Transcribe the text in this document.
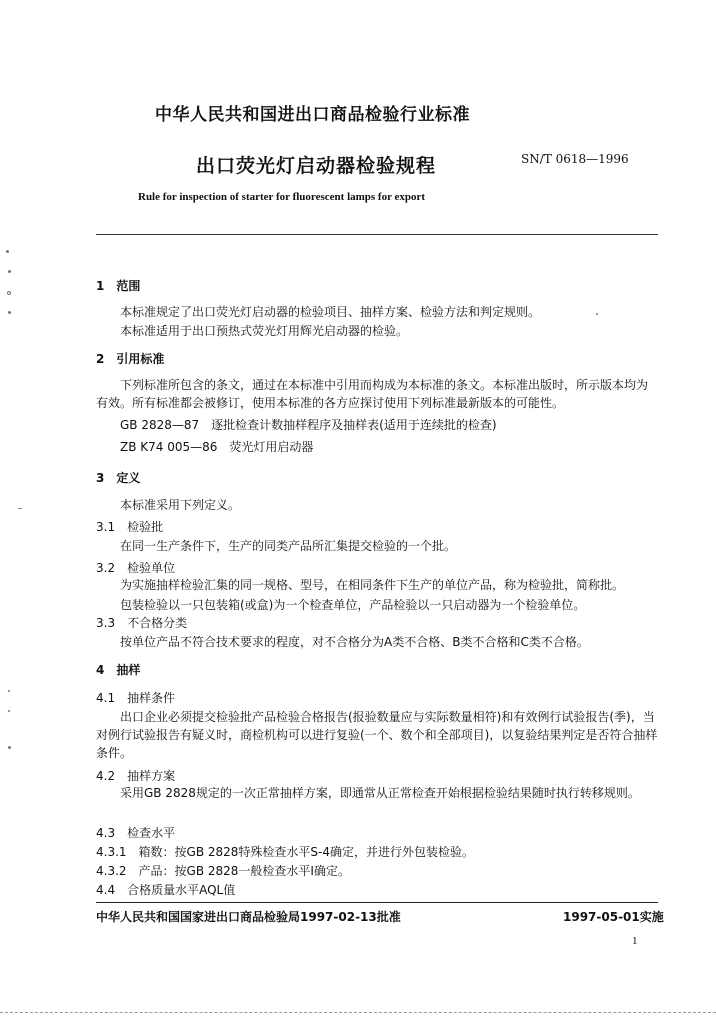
中华人民共和国进出口商品检验行业标准
出口荧光灯启动器检验规程	SN/T 0618—1996
Rule for inspection of starter for fluorescent lamps for export
1　范围
本标准规定了出口荧光灯启动器的检验项目、抽样方案、检验方法和判定规则。
本标准适用于出口预热式荧光灯用辉光启动器的检验。
2　引用标准
下列标准所包含的条文，通过在本标准中引用而构成为本标准的条文。本标准出版时，所示版本均为有效。所有标准都会被修订，使用本标准的各方应探讨使用下列标准最新版本的可能性。
GB 2828—87　逐批检查计数抽样程序及抽样表(适用于连续批的检查)
ZB K74 005—86　荧光灯用启动器
3　定义
本标准采用下列定义。
3.1　检验批
在同一生产条件下，生产的同类产品所汇集提交检验的一个批。
3.2　检验单位
为实施抽样检验汇集的同一规格、型号，在相同条件下生产的单位产品，称为检验批，简称批。
包装检验以一只包装箱(或盒)为一个检查单位，产品检验以一只启动器为一个检验单位。
3.3　不合格分类
按单位产品不符合技术要求的程度，对不合格分为A类不合格、B类不合格和C类不合格。
4　抽样
4.1　抽样条件
出口企业必须提交检验批产品检验合格报告(报验数量应与实际数量相符)和有效例行试验报告(季)，当对例行试验报告有疑义时，商检机构可以进行复验(一个、数个和全部项目)，以复验结果判定是否符合抽样条件。
4.2　抽样方案
采用GB 2828规定的一次正常抽样方案，即通常从正常检查开始根据检验结果随时执行转移规则。
4.3　检查水平
4.3.1　箱数：按GB 2828特殊检查水平S-4确定，并进行外包装检验。
4.3.2　产品：按GB 2828一般检查水平Ⅰ确定。
4.4　合格质量水平AQL值
中华人民共和国国家进出口商品检验局1997-02-13批准	1997-05-01实施
1
